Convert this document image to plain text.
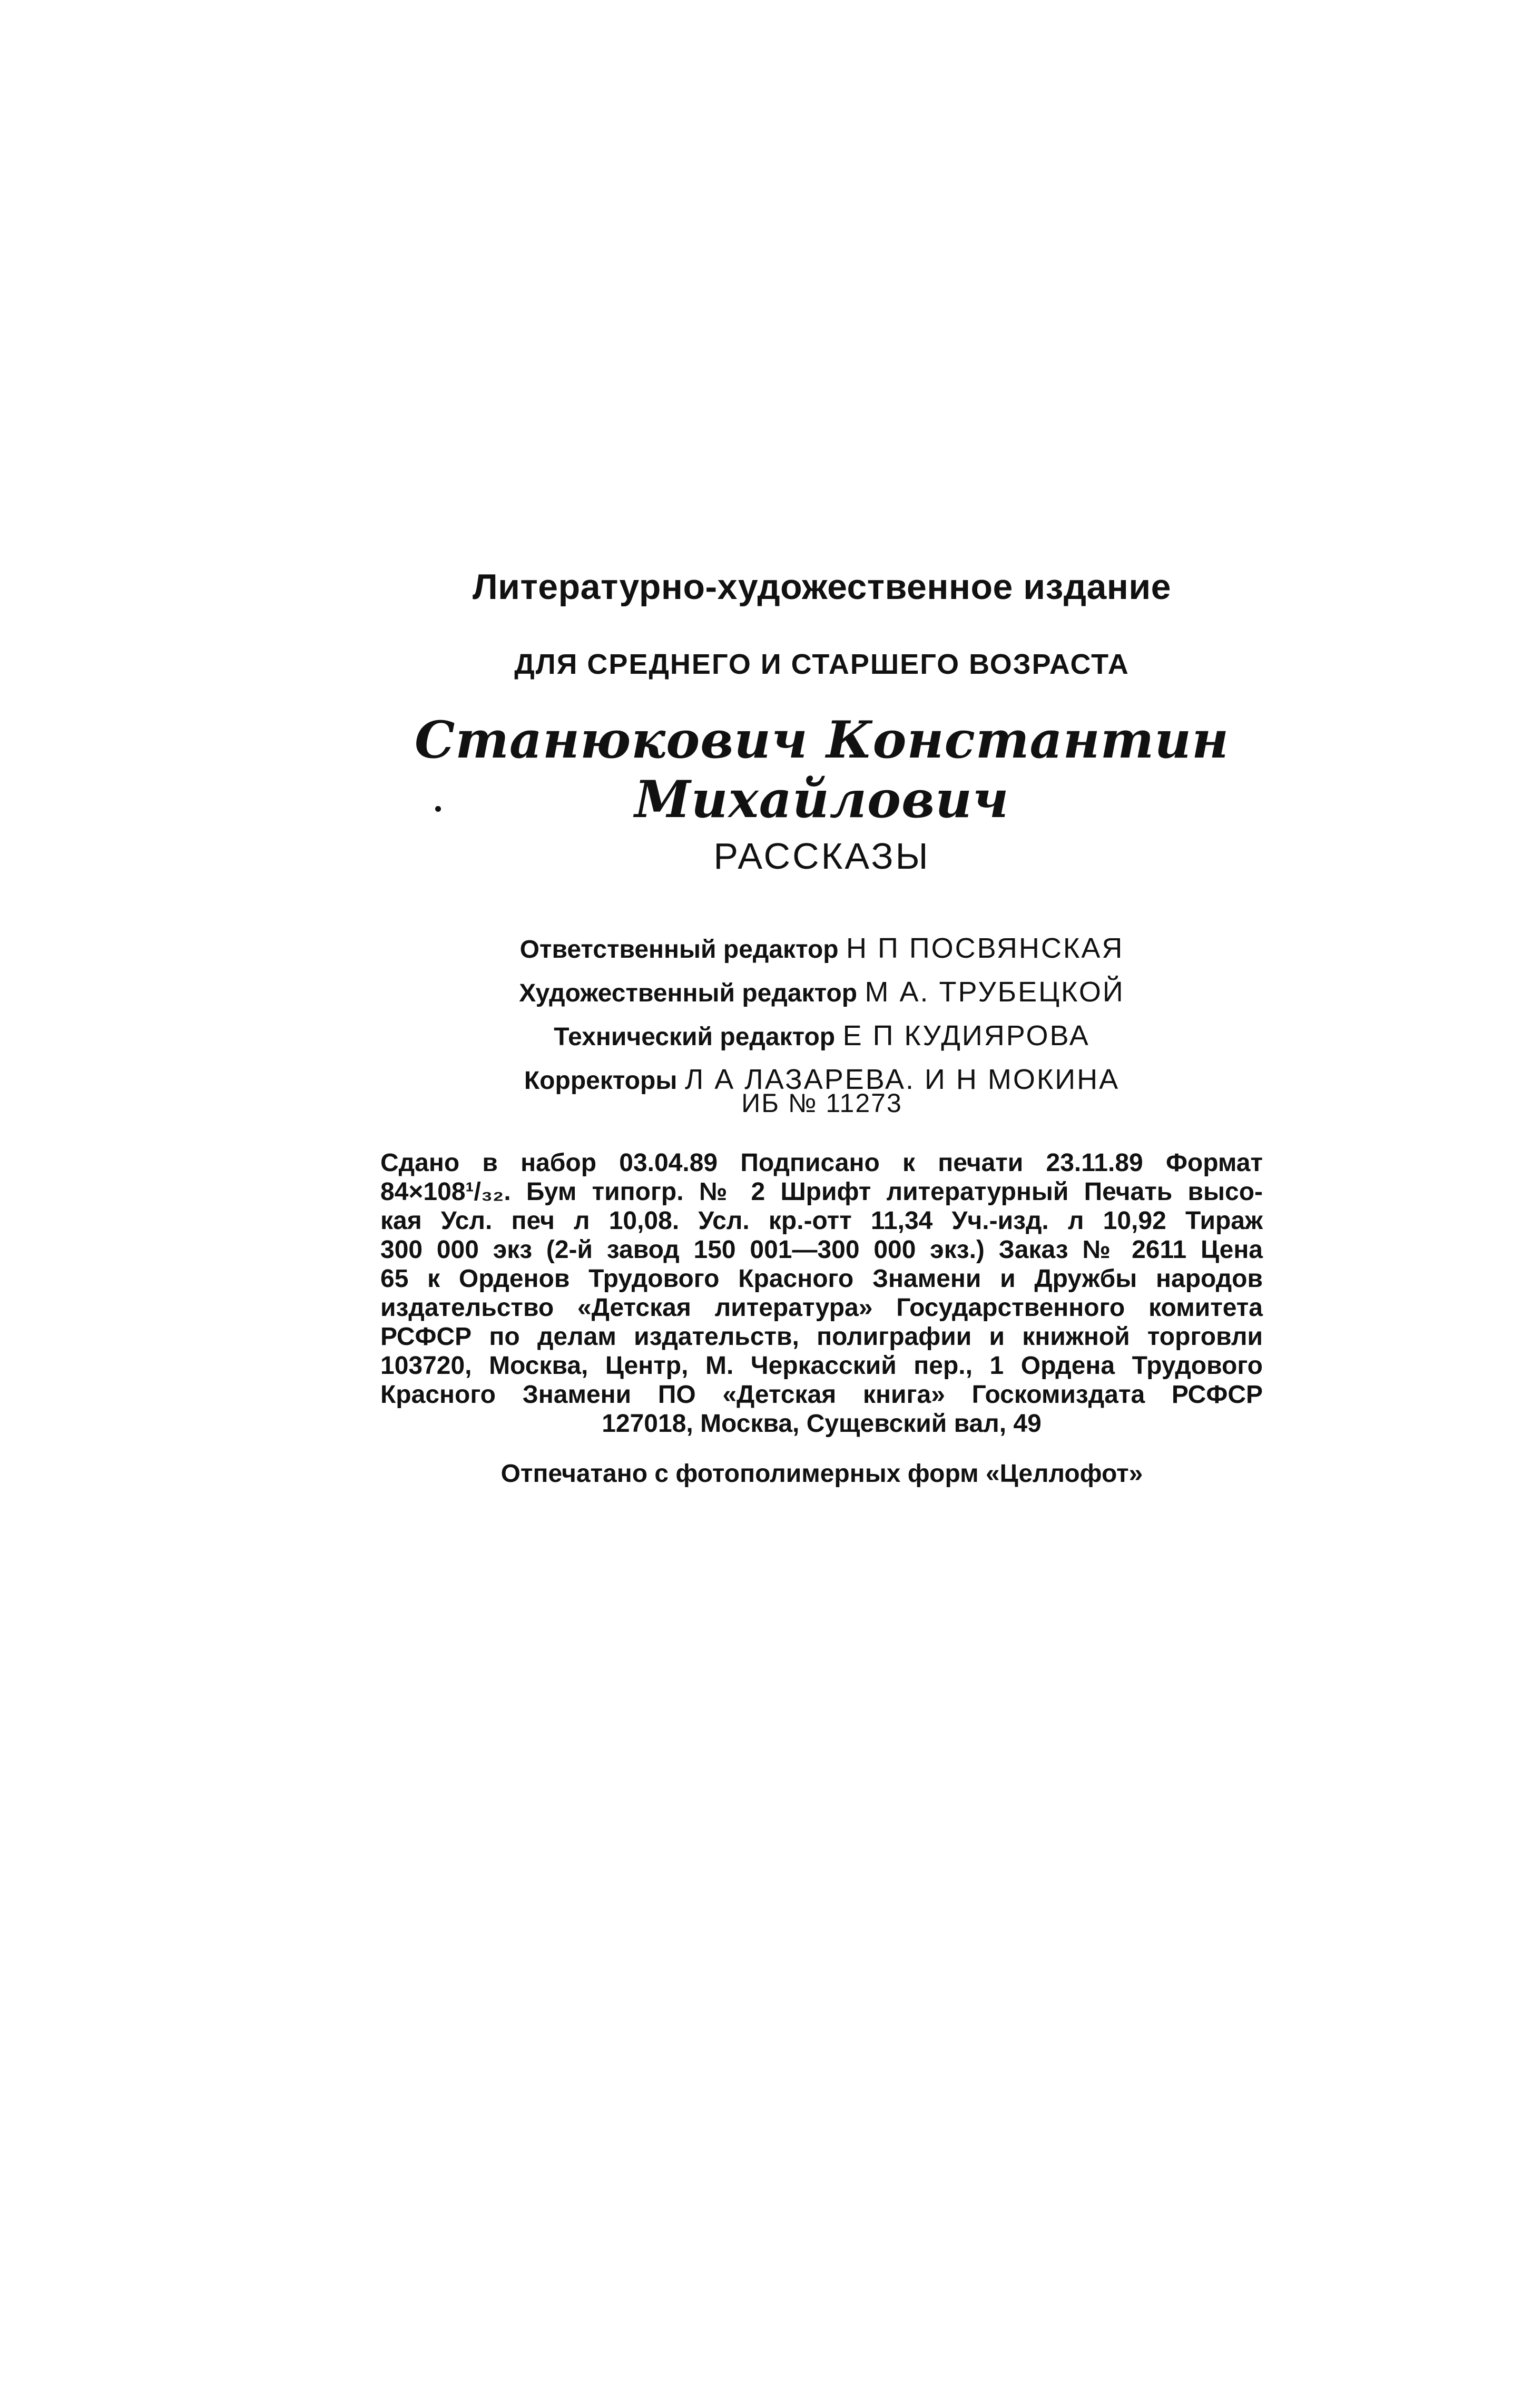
Литературно-художественное издание
ДЛЯ СРЕДНЕГО И СТАРШЕГО ВОЗРАСТА
Станюкович Константин Михайлович
РАССКАЗЫ
Ответственный редактор Н П ПОСВЯНСКАЯ
Художественный редактор М А. ТРУБЕЦКОЙ
Технический редактор Е П КУДИЯРОВА
Корректоры Л А ЛАЗАРЕВА. И Н МОКИНА
ИБ № 11273
Сдано в набор 03.04.89 Подписано к печати 23.11.89 Формат
84×108¹/₃₂. Бум типогр. № 2 Шрифт литературный Печать высо-
кая Усл. печ л 10,08. Усл. кр.-отт 11,34 Уч.-изд. л 10,92 Тираж
300 000 экз (2-й завод 150 001—300 000 экз.) Заказ № 2611 Цена
65 к Орденов Трудового Красного Знамени и Дружбы народов
издательство «Детская литература» Государственного комитета
РСФСР по делам издательств, полиграфии и книжной торговли
103720, Москва, Центр, М. Черкасский пер., 1 Ордена Трудового
Красного Знамени ПО «Детская книга» Госкомиздата РСФСР
127018, Москва, Сущевский вал, 49
Отпечатано с фотополимерных форм «Целлофот»
